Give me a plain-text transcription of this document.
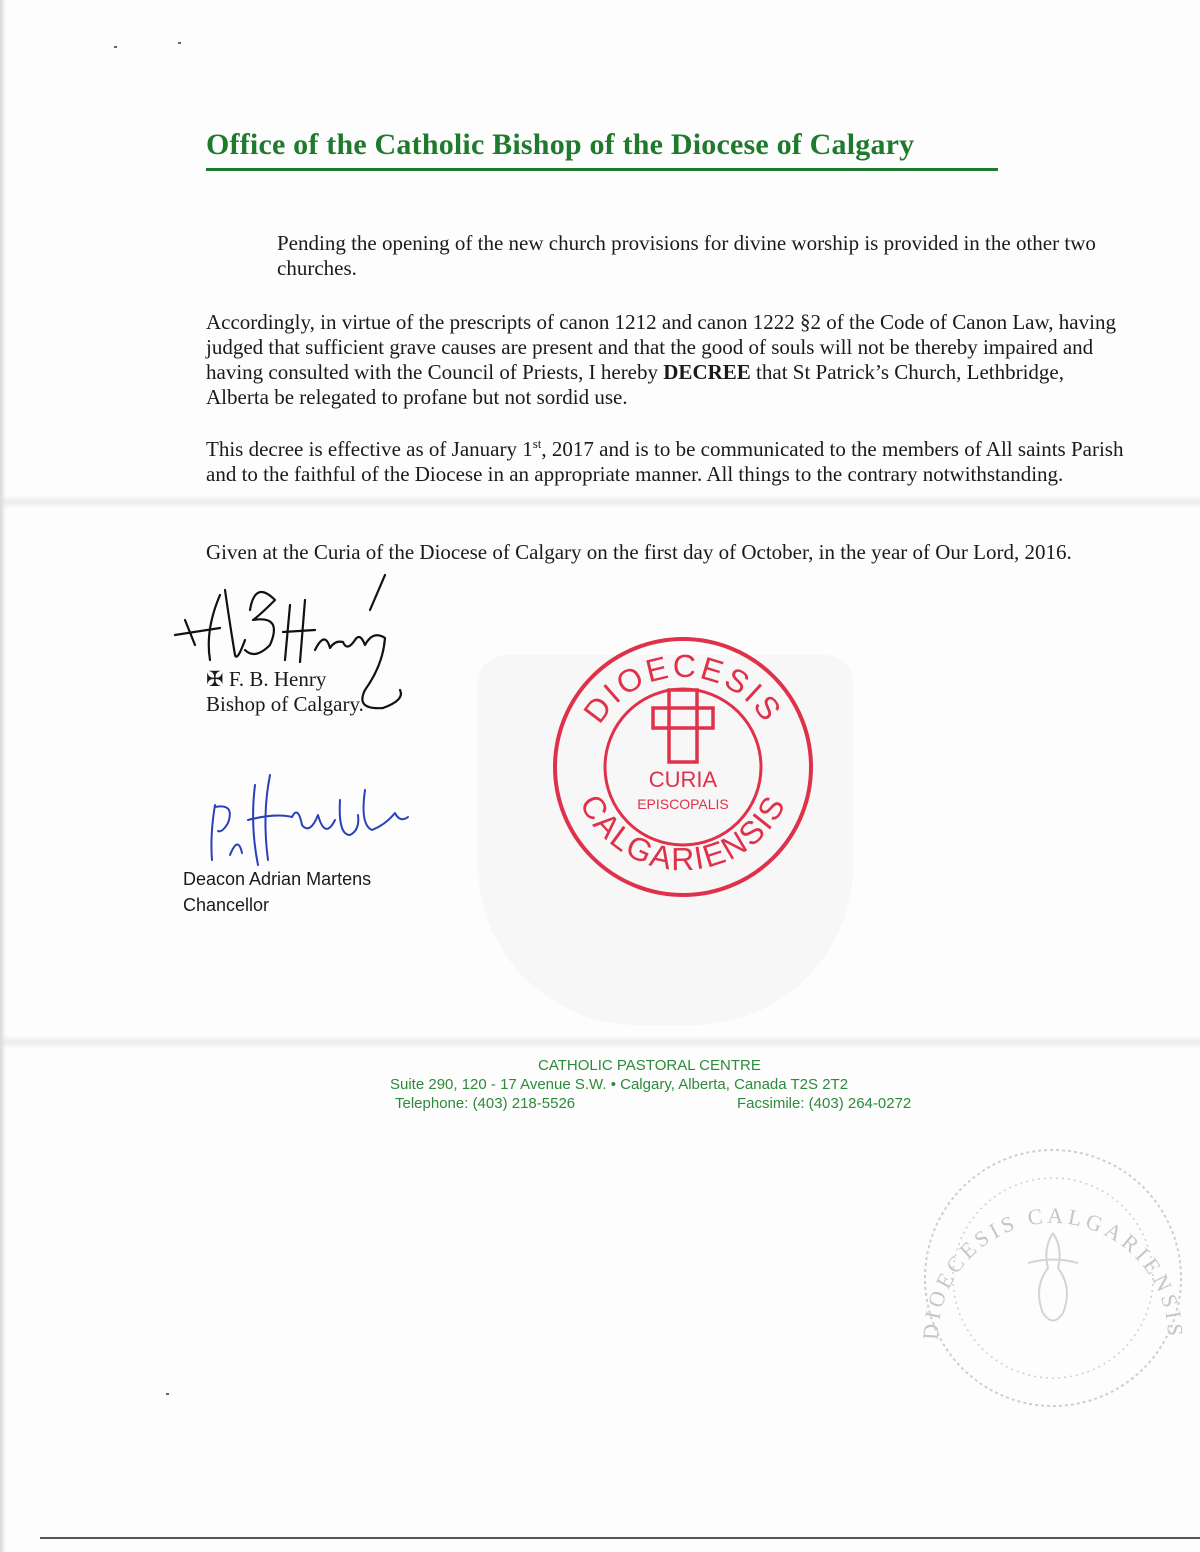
Office of the Catholic Bishop of the Diocese of Calgary

Pending the opening of the new church provisions for divine worship is provided in the other two churches.

Accordingly, in virtue of the prescripts of canon 1212 and canon 1222 §2 of the Code of Canon Law, having judged that sufficient grave causes are present and that the good of souls will not be thereby impaired and having consulted with the Council of Priests, I hereby DECREE that St Patrick’s Church, Lethbridge, Alberta be relegated to profane but not sordid use.

This decree is effective as of January 1st, 2017 and is to be communicated to the members of All saints Parish and to the faithful of the Diocese in an appropriate manner. All things to the contrary notwithstanding.

Given at the Curia of the Diocese of Calgary on the first day of October, in the year of Our Lord, 2016.

✠ F. B. Henry
Bishop of Calgary.
Deacon Adrian Martens
Chancellor
DIOECESIS
CALGARIENSIS
CURIA
EPISCOPALIS
DIOECESIS CALGARIENSIS
CATHOLIC PASTORAL CENTRE
Suite 290, 120 - 17 Avenue S.W. • Calgary, Alberta, Canada T2S 2T2
Telephone: (403) 218-5526	Facsimile: (403) 264-0272
